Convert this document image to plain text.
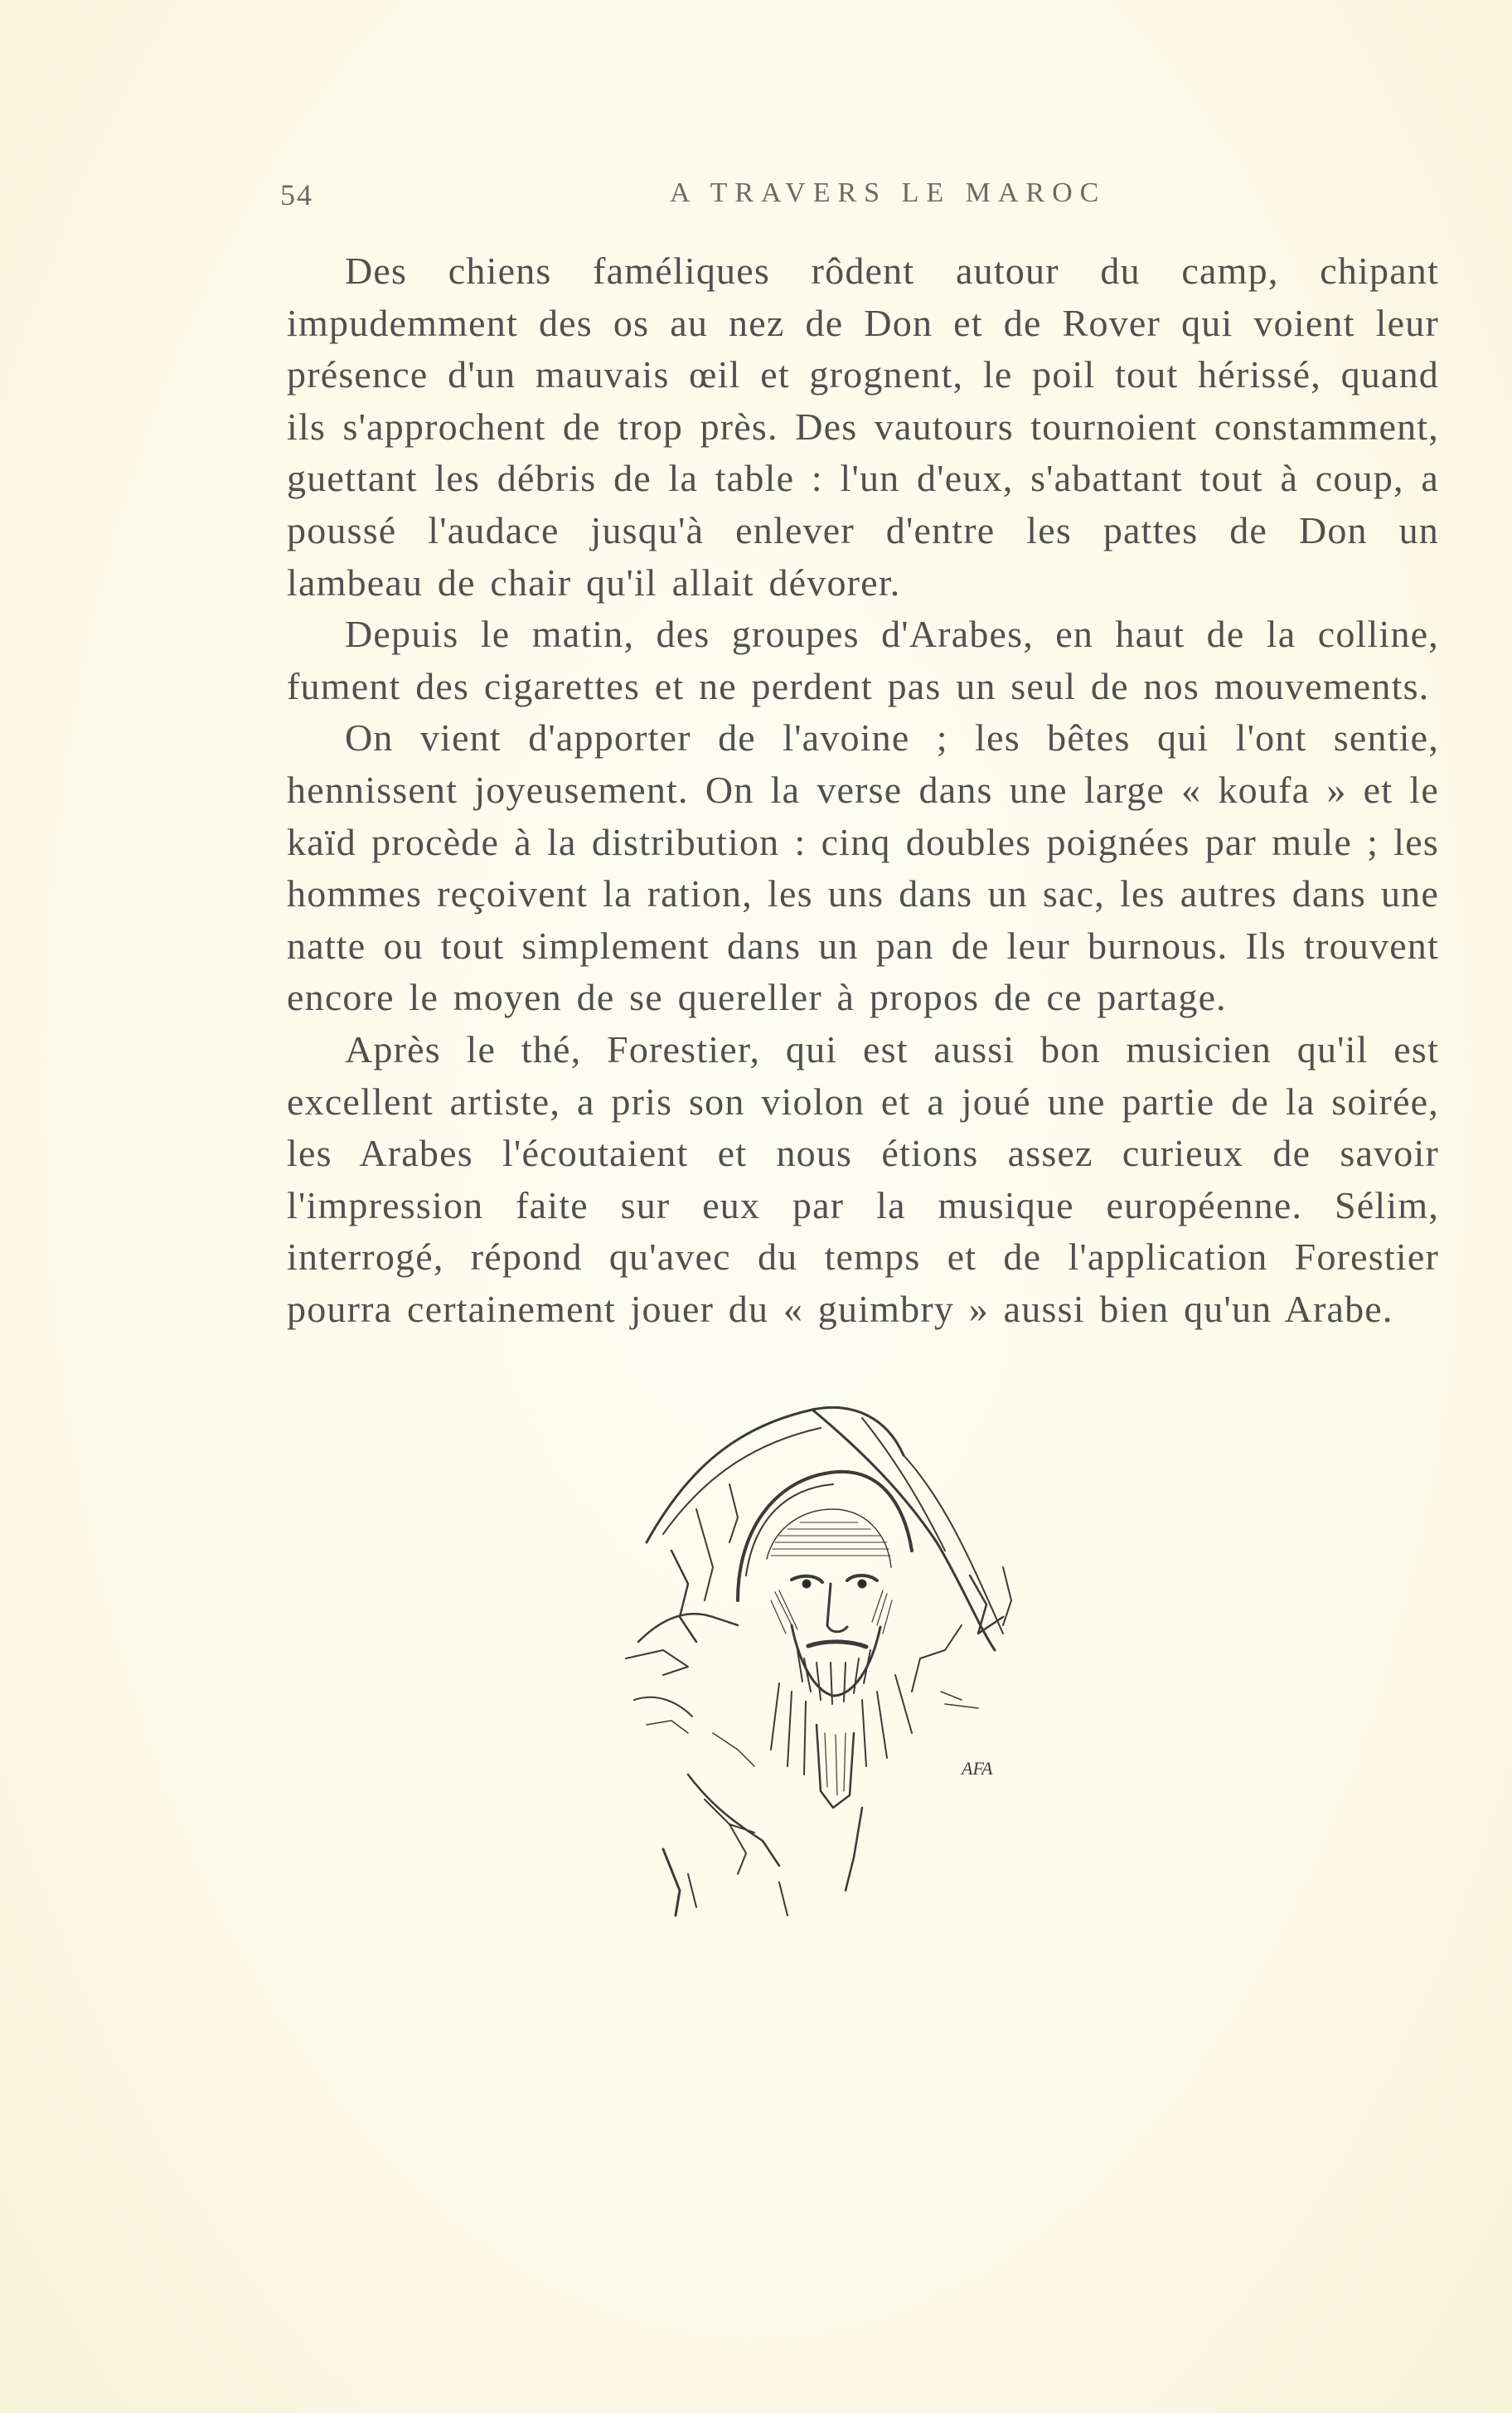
54	A TRAVERS LE MAROC

Des chiens faméliques rôdent autour du camp, chipant impudemment des os au nez de Don et de Rover qui voient leur présence d'un mauvais œil et grognent, le poil tout hérissé, quand ils s'approchent de trop près. Des vautours tournoient constamment, guettant les débris de la table : l'un d'eux, s'abattant tout à coup, a poussé l'audace jusqu'à enlever d'entre les pattes de Don un lambeau de chair qu'il allait dévorer.

Depuis le matin, des groupes d'Arabes, en haut de la colline, fument des cigarettes et ne perdent pas un seul de nos mouvements.

On vient d'apporter de l'avoine ; les bêtes qui l'ont sentie, hennissent joyeusement. On la verse dans une large « koufa » et le kaïd procède à la distribution : cinq doubles poignées par mule ; les hommes reçoivent la ration, les uns dans un sac, les autres dans une natte ou tout simplement dans un pan de leur burnous. Ils trouvent encore le moyen de se quereller à propos de ce partage.

Après le thé, Forestier, qui est aussi bon musicien qu'il est excellent artiste, a pris son violon et a joué une partie de la soirée, les Arabes l'écoutaient et nous étions assez curieux de savoir l'impression faite sur eux par la musique européenne. Sélim, interrogé, répond qu'avec du temps et de l'application Forestier pourra certainement jouer du « guimbry » aussi bien qu'un Arabe.

AFA
